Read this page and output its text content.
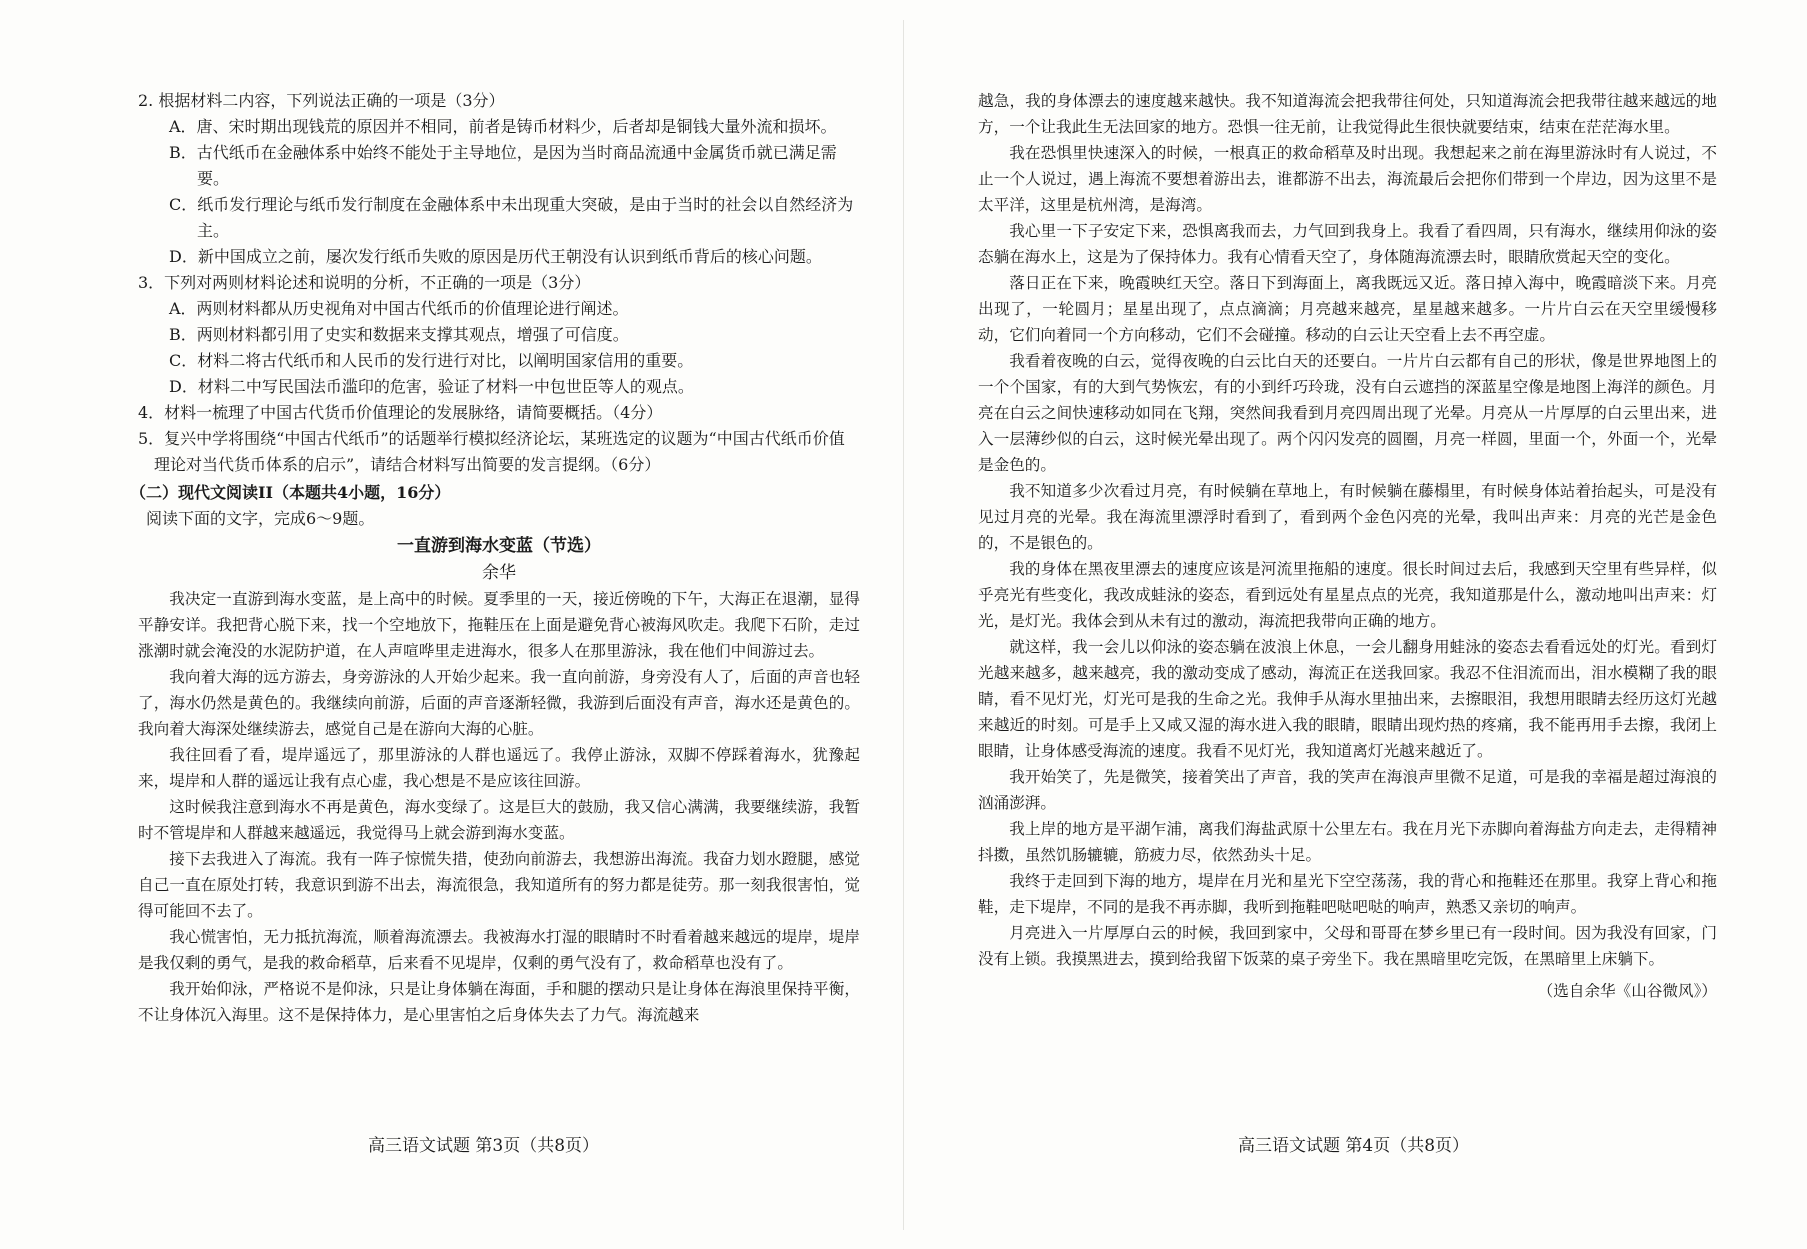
2. 根据材料二内容，下列说法正确的一项是（3分）

A．唐、宋时期出现钱荒的原因并不相同，前者是铸币材料少，后者却是铜钱大量外流和损坏。

B．古代纸币在金融体系中始终不能处于主导地位，是因为当时商品流通中金属货币就已满足需要。

C．纸币发行理论与纸币发行制度在金融体系中未出现重大突破，是由于当时的社会以自然经济为主。

D．新中国成立之前，屡次发行纸币失败的原因是历代王朝没有认识到纸币背后的核心问题。

3．下列对两则材料论述和说明的分析，不正确的一项是（3分）

A．两则材料都从历史视角对中国古代纸币的价值理论进行阐述。

B．两则材料都引用了史实和数据来支撑其观点，增强了可信度。

C．材料二将古代纸币和人民币的发行进行对比，以阐明国家信用的重要。

D．材料二中写民国法币滥印的危害，验证了材料一中包世臣等人的观点。

4．材料一梳理了中国古代货币价值理论的发展脉络，请简要概括。（4分）

5．复兴中学将围绕“中国古代纸币”的话题举行模拟经济论坛，某班选定的议题为“中国古代纸币价值理论对当代货币体系的启示”，请结合材料写出简要的发言提纲。（6分）

（二）现代文阅读II（本题共4小题，16分）

阅读下面的文字，完成6～9题。

一直游到海水变蓝（节选）

余华

我决定一直游到海水变蓝，是上高中的时候。夏季里的一天，接近傍晚的下午，大海正在退潮，显得平静安详。我把背心脱下来，找一个空地放下，拖鞋压在上面是避免背心被海风吹走。我爬下石阶，走过涨潮时就会淹没的水泥防护道，在人声喧哗里走进海水，很多人在那里游泳，我在他们中间游过去。

我向着大海的远方游去，身旁游泳的人开始少起来。我一直向前游，身旁没有人了，后面的声音也轻了，海水仍然是黄色的。我继续向前游，后面的声音逐渐轻微，我游到后面没有声音，海水还是黄色的。我向着大海深处继续游去，感觉自己是在游向大海的心脏。

我往回看了看，堤岸遥远了，那里游泳的人群也遥远了。我停止游泳，双脚不停踩着海水，犹豫起来，堤岸和人群的遥远让我有点心虚，我心想是不是应该往回游。

这时候我注意到海水不再是黄色，海水变绿了。这是巨大的鼓励，我又信心满满，我要继续游，我暂时不管堤岸和人群越来越遥远，我觉得马上就会游到海水变蓝。

接下去我进入了海流。我有一阵子惊慌失措，使劲向前游去，我想游出海流。我奋力划水蹬腿，感觉自己一直在原处打转，我意识到游不出去，海流很急，我知道所有的努力都是徒劳。那一刻我很害怕，觉得可能回不去了。

我心慌害怕，无力抵抗海流，顺着海流漂去。我被海水打湿的眼睛时不时看着越来越远的堤岸，堤岸是我仅剩的勇气，是我的救命稻草，后来看不见堤岸，仅剩的勇气没有了，救命稻草也没有了。

我开始仰泳，严格说不是仰泳，只是让身体躺在海面，手和腿的摆动只是让身体在海浪里保持平衡，不让身体沉入海里。这不是保持体力，是心里害怕之后身体失去了力气。海流越来

高三语文试题 第3页（共8页）

越急，我的身体漂去的速度越来越快。我不知道海流会把我带往何处，只知道海流会把我带往越来越远的地方，一个让我此生无法回家的地方。恐惧一往无前，让我觉得此生很快就要结束，结束在茫茫海水里。

我在恐惧里快速深入的时候，一根真正的救命稻草及时出现。我想起来之前在海里游泳时有人说过，不止一个人说过，遇上海流不要想着游出去，谁都游不出去，海流最后会把你们带到一个岸边，因为这里不是太平洋，这里是杭州湾，是海湾。

我心里一下子安定下来，恐惧离我而去，力气回到我身上。我看了看四周，只有海水，继续用仰泳的姿态躺在海水上，这是为了保持体力。我有心情看天空了，身体随海流漂去时，眼睛欣赏起天空的变化。

落日正在下来，晚霞映红天空。落日下到海面上，离我既远又近。落日掉入海中，晚霞暗淡下来。月亮出现了，一轮圆月；星星出现了，点点滴滴；月亮越来越亮，星星越来越多。一片片白云在天空里缓慢移动，它们向着同一个方向移动，它们不会碰撞。移动的白云让天空看上去不再空虚。

我看着夜晚的白云，觉得夜晚的白云比白天的还要白。一片片白云都有自己的形状，像是世界地图上的一个个国家，有的大到气势恢宏，有的小到纤巧玲珑，没有白云遮挡的深蓝星空像是地图上海洋的颜色。月亮在白云之间快速移动如同在飞翔，突然间我看到月亮四周出现了光晕。月亮从一片厚厚的白云里出来，进入一层薄纱似的白云，这时候光晕出现了。两个闪闪发亮的圆圈，月亮一样圆，里面一个，外面一个，光晕是金色的。

我不知道多少次看过月亮，有时候躺在草地上，有时候躺在藤榻里，有时候身体站着抬起头，可是没有见过月亮的光晕。我在海流里漂浮时看到了，看到两个金色闪亮的光晕，我叫出声来：月亮的光芒是金色的，不是银色的。

我的身体在黑夜里漂去的速度应该是河流里拖船的速度。很长时间过去后，我感到天空里有些异样，似乎亮光有些变化，我改成蛙泳的姿态，看到远处有星星点点的光亮，我知道那是什么，激动地叫出声来：灯光，是灯光。我体会到从未有过的激动，海流把我带向正确的地方。

就这样，我一会儿以仰泳的姿态躺在波浪上休息，一会儿翻身用蛙泳的姿态去看看远处的灯光。看到灯光越来越多，越来越亮，我的激动变成了感动，海流正在送我回家。我忍不住泪流而出，泪水模糊了我的眼睛，看不见灯光，灯光可是我的生命之光。我伸手从海水里抽出来，去擦眼泪，我想用眼睛去经历这灯光越来越近的时刻。可是手上又咸又湿的海水进入我的眼睛，眼睛出现灼热的疼痛，我不能再用手去擦，我闭上眼睛，让身体感受海流的速度。我看不见灯光，我知道离灯光越来越近了。

我开始笑了，先是微笑，接着笑出了声音，我的笑声在海浪声里微不足道，可是我的幸福是超过海浪的汹涌澎湃。

我上岸的地方是平湖乍浦，离我们海盐武原十公里左右。我在月光下赤脚向着海盐方向走去，走得精神抖擞，虽然饥肠辘辘，筋疲力尽，依然劲头十足。

我终于走回到下海的地方，堤岸在月光和星光下空空荡荡，我的背心和拖鞋还在那里。我穿上背心和拖鞋，走下堤岸，不同的是我不再赤脚，我听到拖鞋吧哒吧哒的响声，熟悉又亲切的响声。

月亮进入一片厚厚白云的时候，我回到家中，父母和哥哥在梦乡里已有一段时间。因为我没有回家，门没有上锁。我摸黑进去，摸到给我留下饭菜的桌子旁坐下。我在黑暗里吃完饭，在黑暗里上床躺下。

（选自余华《山谷微风》）

高三语文试题 第4页（共8页）
